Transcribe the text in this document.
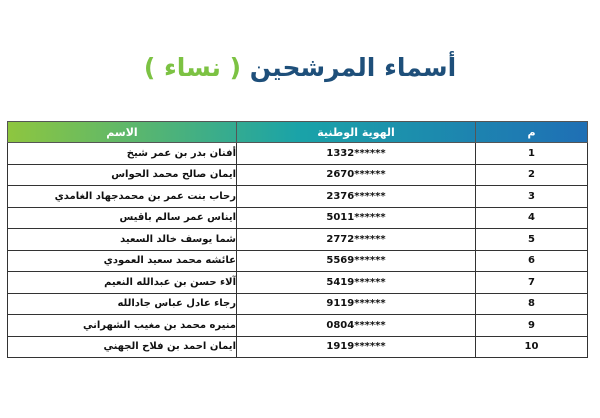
أسماء المرشحين ( نساء )
الاسم	الهوية الوطنية	م
أفنان بدر بن عمر شيخ	1332******	1
ايمان صالح محمد الحواس	2670******	2
رحاب بنت عمر بن محمدجهاد الغامدي	2376******	3
ايناس عمر سالم باقيس	5011******	4
شما يوسف خالد السعيد	2772******	5
عائشه محمد سعيد العمودي	5569******	6
آلاء حسن بن عبدالله النعيم	5419******	7
رجاء عادل عباس جادالله	9119******	8
منيره محمد بن مغيب الشهراني	0804******	9
ايمان احمد بن فلاح الجهني	1919******	10
